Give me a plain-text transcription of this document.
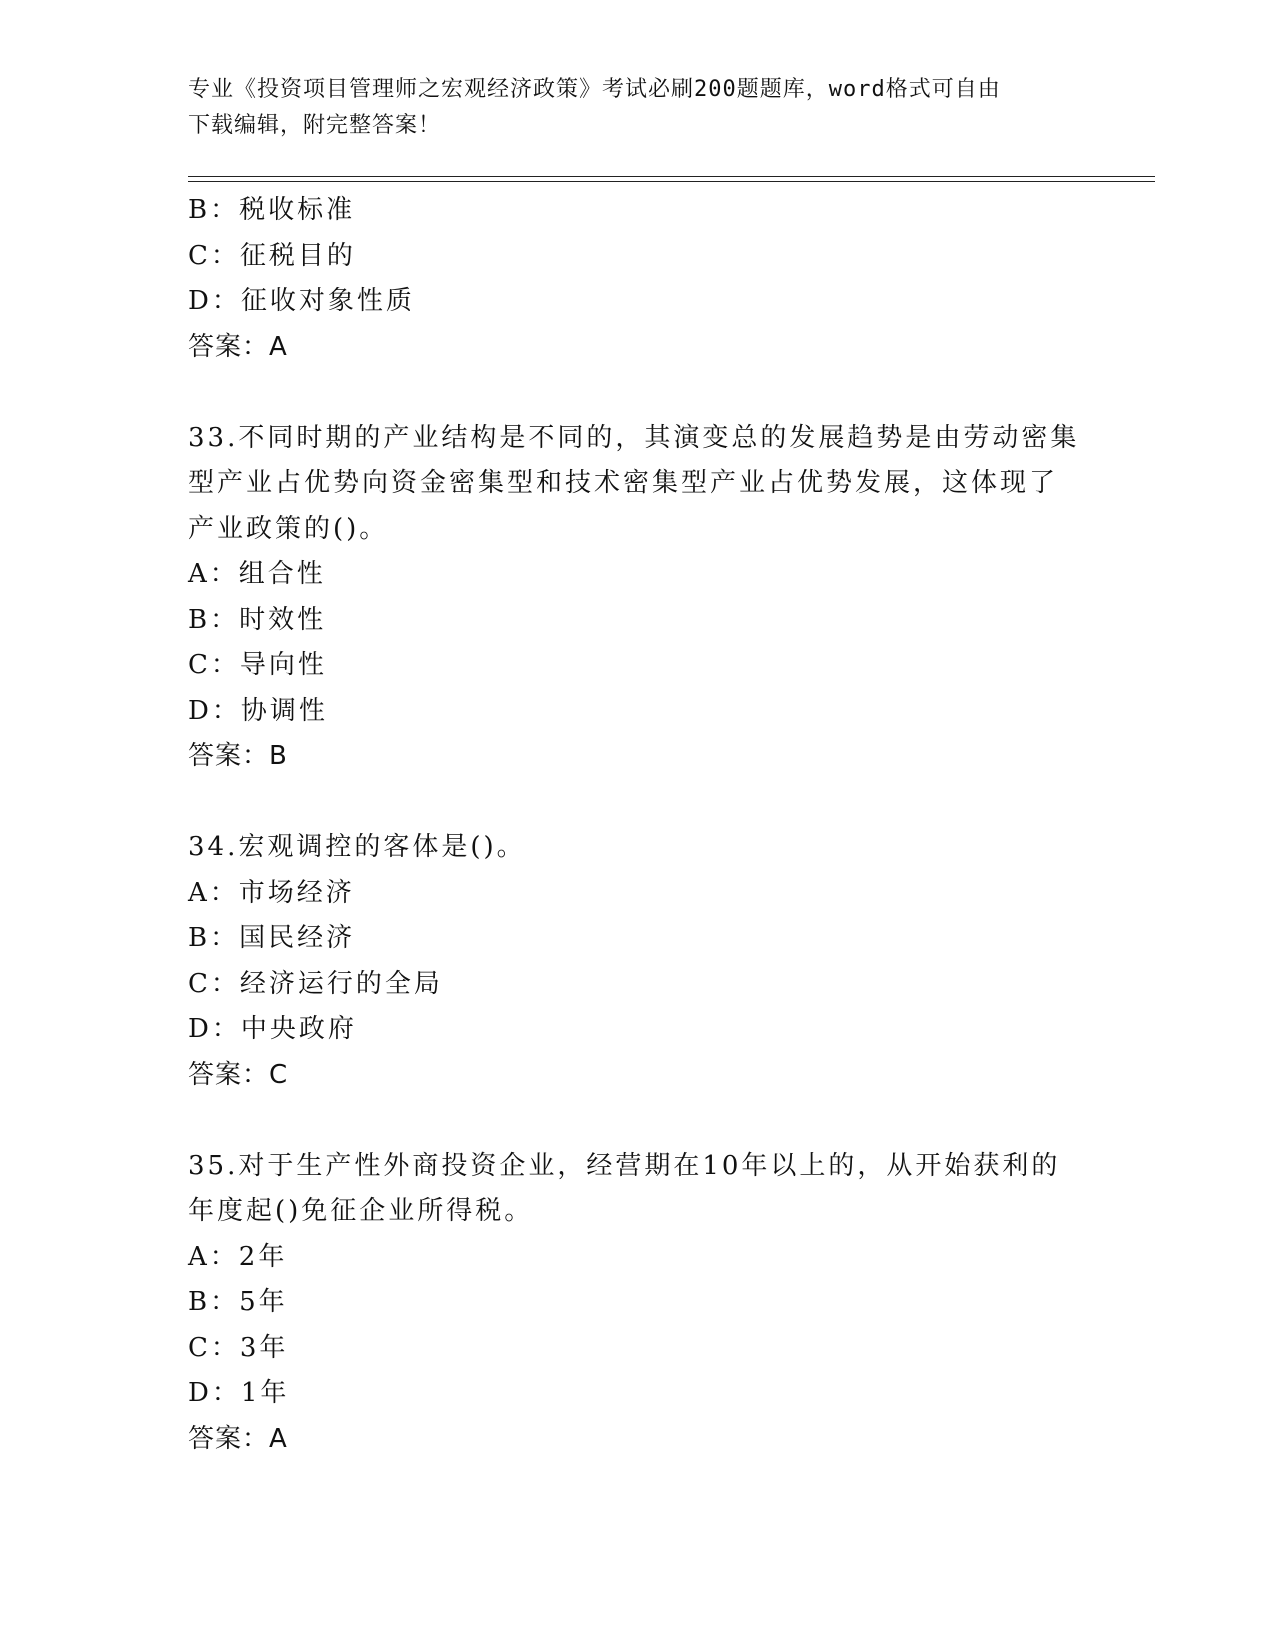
专业《投资项目管理师之宏观经济政策》考试必刷200题题库，word格式可自由
下载编辑，附完整答案！
B：税收标准
C：征税目的
D：征收对象性质
答案：A
33.不同时期的产业结构是不同的，其演变总的发展趋势是由劳动密集
型产业占优势向资金密集型和技术密集型产业占优势发展，这体现了
产业政策的()。
A：组合性
B：时效性
C：导向性
D：协调性
答案：B
34.宏观调控的客体是()。
A：市场经济
B：国民经济
C：经济运行的全局
D：中央政府
答案：C
35.对于生产性外商投资企业，经营期在10年以上的，从开始获利的
年度起()免征企业所得税。
A：2年
B：5年
C：3年
D：1年
答案：A
